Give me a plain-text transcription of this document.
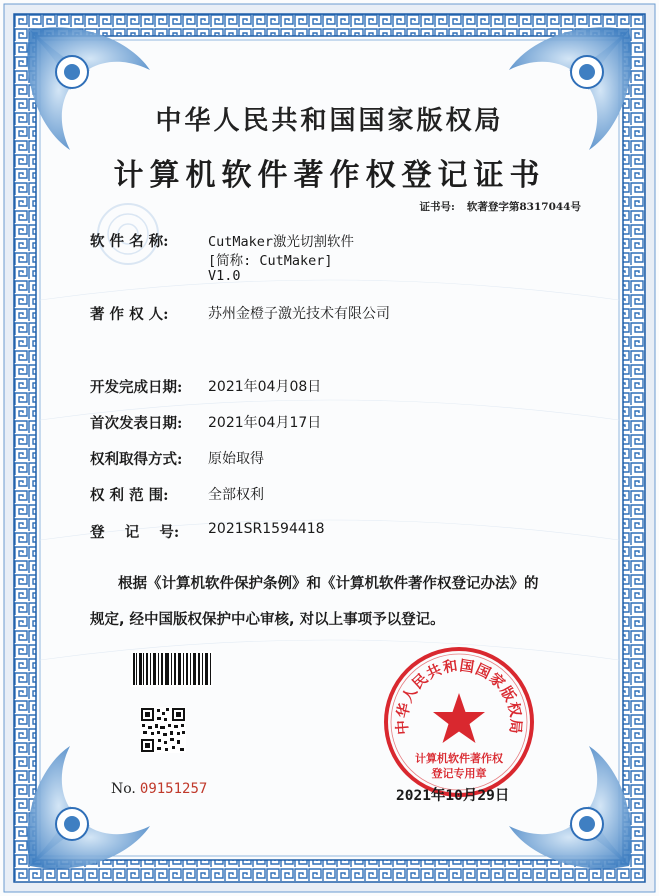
中华人民共和国国家版权局
计算机软件著作权登记证书
证书号: 软著登字第8317044号
软 件 名 称:	CutMaker激光切割软件
[简称: CutMaker]
V1.0
著 作 权 人:	苏州金橙子激光技术有限公司
开发完成日期: 2021年04月08日
首次发表日期: 2021年04月17日
权利取得方式: 原始取得
权 利 范 围:	全部权利
登    记    号: 2021SR1594418
根据《计算机软件保护条例》和《计算机软件著作权登记办法》的
规定, 经中国版权保护中心审核, 对以上事项予以登记。
No. 09151257
中华人民共和国国家版权局
计算机软件著作权
登记专用章
2021年10月29日
